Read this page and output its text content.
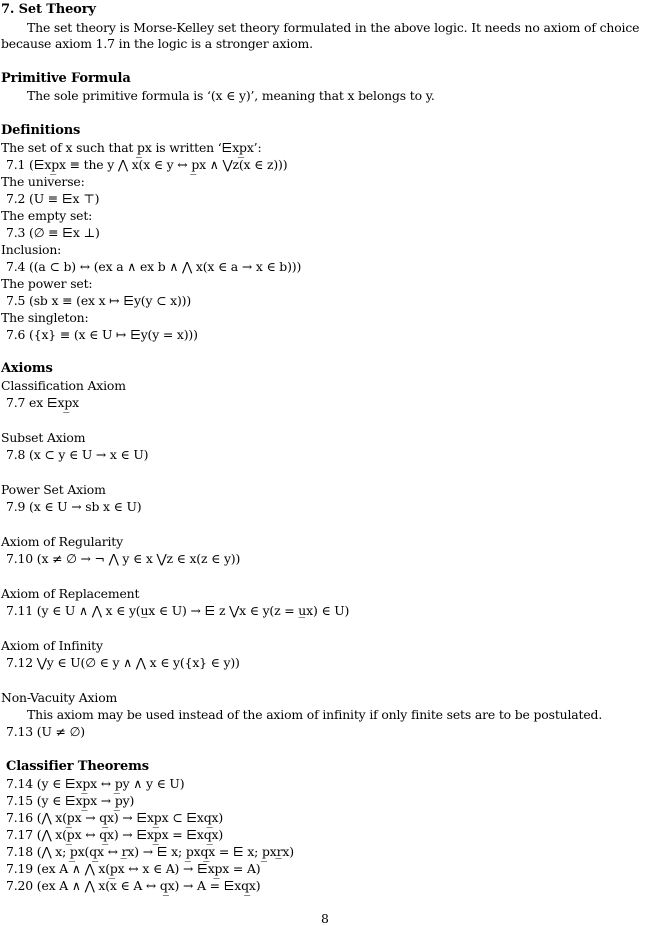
7. Set Theory
The set theory is Morse-Kelley set theory formulated in the above logic. It needs no axiom of choice
because axiom 1.7 in the logic is a stronger axiom.
Primitive Formula
The sole primitive formula is ‘(x ∈ y)’, meaning that x belongs to y.
Definitions
The set of x such that p̲x is written ‘⋿xp̲x’:
7.1 (⋿xp̲x ≡ the y ⋀ x(x ∈ y ↔ p̲x ∧ ⋁z(x ∈ z)))
The universe:
7.2 (U ≡ ⋿x ⊤)
The empty set:
7.3 (∅ ≡ ⋿x ⊥)
Inclusion:
7.4 ((a ⊂ b) ↔ (ex a ∧ ex b ∧ ⋀ x(x ∈ a → x ∈ b)))
The power set:
7.5 (sb x ≡ (ex x ↦ ⋿y(y ⊂ x)))
The singleton:
7.6 ({x} ≡ (x ∈ U ↦ ⋿y(y = x)))
Axioms
Classification Axiom
7.7 ex ⋿xp̲x
Subset Axiom
7.8 (x ⊂ y ∈ U → x ∈ U)
Power Set Axiom
7.9 (x ∈ U → sb x ∈ U)
Axiom of Regularity
7.10 (x ≠ ∅ → ¬ ⋀ y ∈ x ⋁z ∈ x(z ∈ y))
Axiom of Replacement
7.11 (y ∈ U ∧ ⋀ x ∈ y(u̲x ∈ U) → ⋿ z ⋁x ∈ y(z = u̲x) ∈ U)
Axiom of Infinity
7.12 ⋁y ∈ U(∅ ∈ y ∧ ⋀ x ∈ y({x} ∈ y))
Non-Vacuity Axiom
This axiom may be used instead of the axiom of infinity if only finite sets are to be postulated.
7.13 (U ≠ ∅)
Classifier Theorems
7.14 (y ∈ ⋿xp̲x ↔ p̲y ∧ y ∈ U)
7.15 (y ∈ ⋿xp̲x → p̲y)
7.16 (⋀ x(p̲x → q̲x) → ⋿xp̲x ⊂ ⋿xq̲x)
7.17 (⋀ x(p̲x ↔ q̲x) → ⋿xp̲x = ⋿xq̲x)
7.18 (⋀ x; p̲x(q̲x ↔ r̲x) → ⋿ x; p̲xq̲x = ⋿ x; p̲xr̲x)
7.19 (ex A ∧ ⋀ x(p̲x ↔ x ∈ A) → ⋿xp̲x = A)
7.20 (ex A ∧ ⋀ x(x ∈ A ↔ q̲x) → A = ⋿xq̲x)
8
